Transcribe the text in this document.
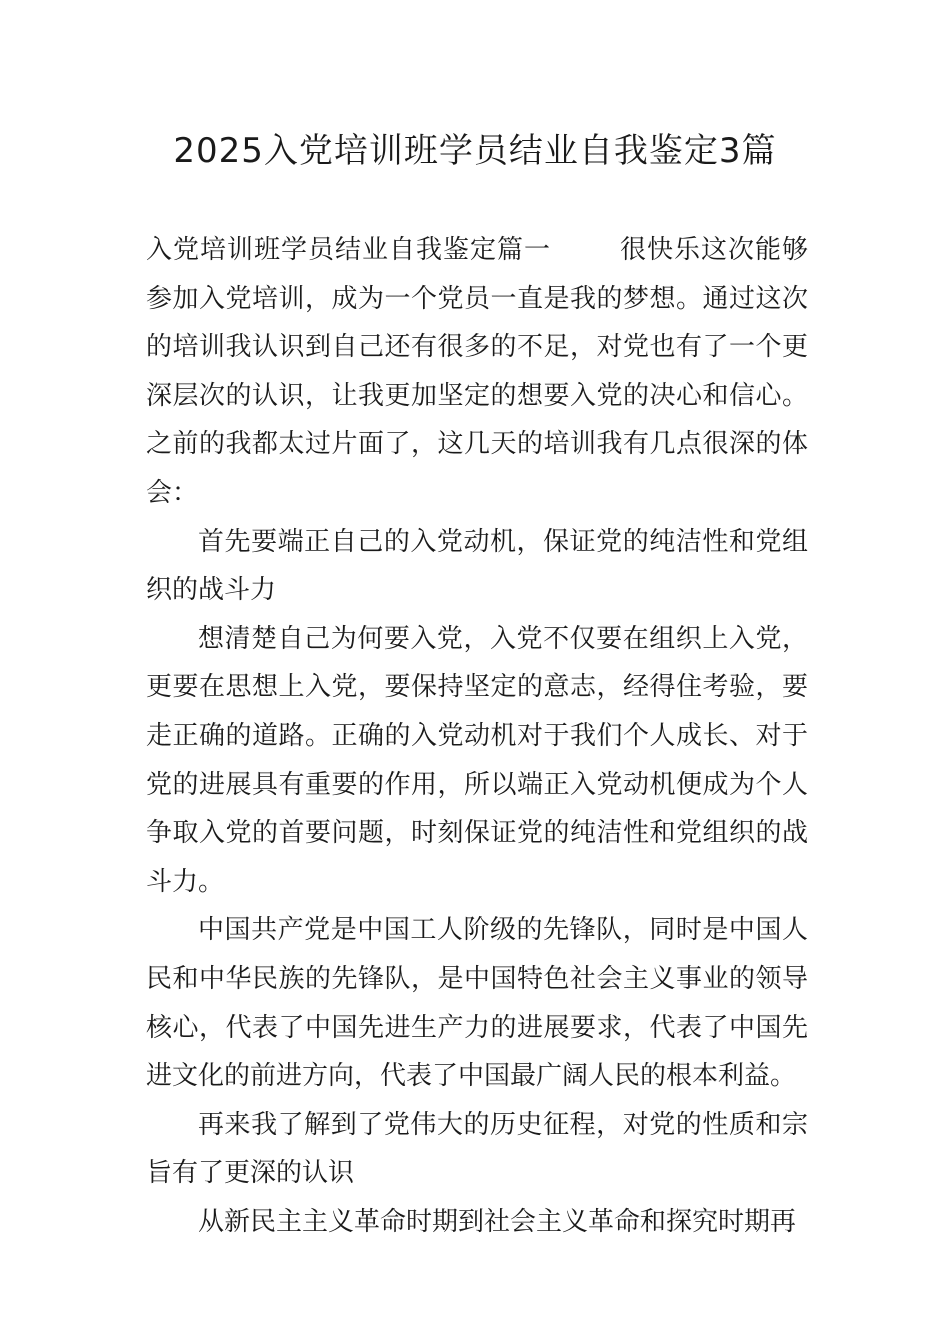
2025入党培训班学员结业自我鉴定3篇

入党培训班学员结业自我鉴定篇一	很快乐这次能够参加入党培训，成为一个党员一直是我的梦想。通过这次的培训我认识到自己还有很多的不足，对党也有了一个更深层次的认识，让我更加坚定的想要入党的决心和信心。之前的我都太过片面了，这几天的培训我有几点很深的体会：

首先要端正自己的入党动机，保证党的纯洁性和党组织的战斗力

想清楚自己为何要入党，入党不仅要在组织上入党，更要在思想上入党，要保持坚定的意志，经得住考验，要走正确的道路。正确的入党动机对于我们个人成长、对于党的进展具有重要的作用，所以端正入党动机便成为个人争取入党的首要问题，时刻保证党的纯洁性和党组织的战斗力。

中国共产党是中国工人阶级的先锋队，同时是中国人民和中华民族的先锋队，是中国特色社会主义事业的领导核心，代表了中国先进生产力的进展要求，代表了中国先进文化的前进方向，代表了中国最广阔人民的根本利益。

再来我了解到了党伟大的历史征程，对党的性质和宗旨有了更深的认识

从新民主主义革命时期到社会主义革命和探究时期再
